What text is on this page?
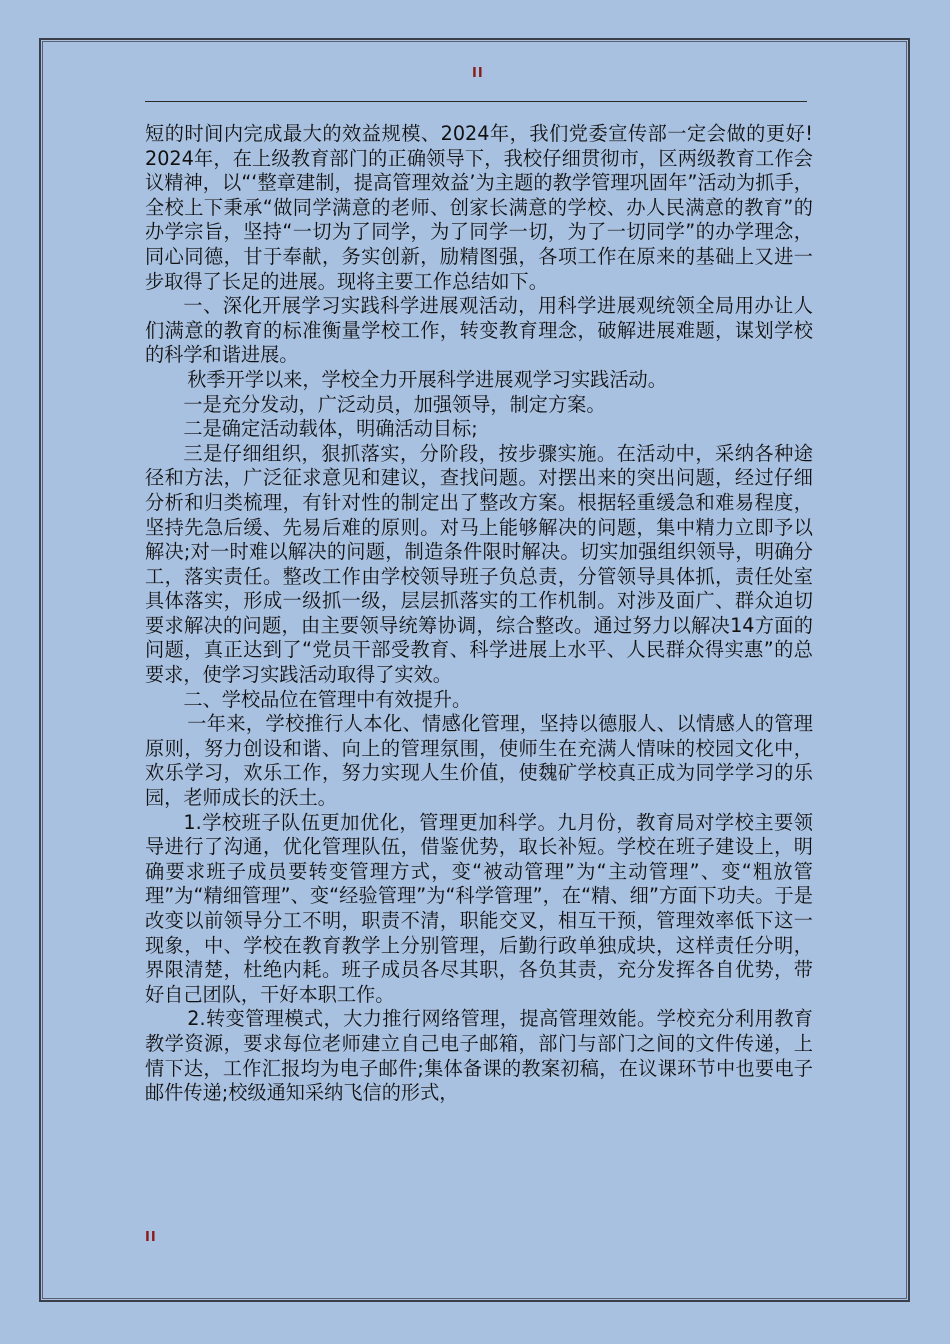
II

短的时间内完成最大的效益规模、2024年，我们党委宣传部一定会做的更好! 2024年，在上级教育部门的正确领导下，我校仔细贯彻市，区两级教育工作会议精神，以“‘整章建制，提高管理效益’为主题的教学管理巩固年”活动为抓手，全校上下秉承“做同学满意的老师、创家长满意的学校、办人民满意的教育”的办学宗旨，坚持“一切为了同学，为了同学一切，为了一切同学”的办学理念，同心同德，甘于奉献，务实创新，励精图强，各项工作在原来的基础上又进一步取得了长足的进展。现将主要工作总结如下。

一、深化开展学习实践科学进展观活动，用科学进展观统领全局用办让人们满意的教育的标准衡量学校工作，转变教育理念，破解进展难题，谋划学校的科学和谐进展。

秋季开学以来，学校全力开展科学进展观学习实践活动。

一是充分发动，广泛动员，加强领导，制定方案。

二是确定活动载体，明确活动目标;

三是仔细组织，狠抓落实，分阶段，按步骤实施。在活动中，采纳各种途径和方法，广泛征求意见和建议，查找问题。对摆出来的突出问题，经过仔细分析和归类梳理，有针对性的制定出了整改方案。根据轻重缓急和难易程度，坚持先急后缓、先易后难的原则。对马上能够解决的问题，集中精力立即予以解决;对一时难以解决的问题，制造条件限时解决。切实加强组织领导，明确分工，落实责任。整改工作由学校领导班子负总责，分管领导具体抓，责任处室具体落实，形成一级抓一级，层层抓落实的工作机制。对涉及面广、群众迫切要求解决的问题，由主要领导统筹协调，综合整改。通过努力以解决14方面的问题，真正达到了“党员干部受教育、科学进展上水平、人民群众得实惠”的总要求，使学习实践活动取得了实效。

二、学校品位在管理中有效提升。

一年来，学校推行人本化、情感化管理，坚持以德服人、以情感人的管理原则，努力创设和谐、向上的管理氛围，使师生在充满人情味的校园文化中，欢乐学习，欢乐工作，努力实现人生价值，使魏矿学校真正成为同学学习的乐园，老师成长的沃土。

1.学校班子队伍更加优化，管理更加科学。九月份，教育局对学校主要领导进行了沟通，优化管理队伍，借鉴优势，取长补短。学校在班子建设上，明确要求班子成员要转变管理方式，变“被动管理”为“主动管理”、变“粗放管理”为“精细管理”、变“经验管理”为“科学管理”，在“精、细”方面下功夫。于是改变以前领导分工不明，职责不清，职能交叉，相互干预，管理效率低下这一现象，中、学校在教育教学上分别管理，后勤行政单独成块，这样责任分明，界限清楚，杜绝内耗。班子成员各尽其职，各负其责，充分发挥各自优势，带好自己团队，干好本职工作。

2.转变管理模式，大力推行网络管理，提高管理效能。学校充分利用教育教学资源，要求每位老师建立自己电子邮箱，部门与部门之间的文件传递，上情下达，工作汇报均为电子邮件;集体备课的教案初稿，在议课环节中也要电子邮件传递;校级通知采纳飞信的形式，

II
